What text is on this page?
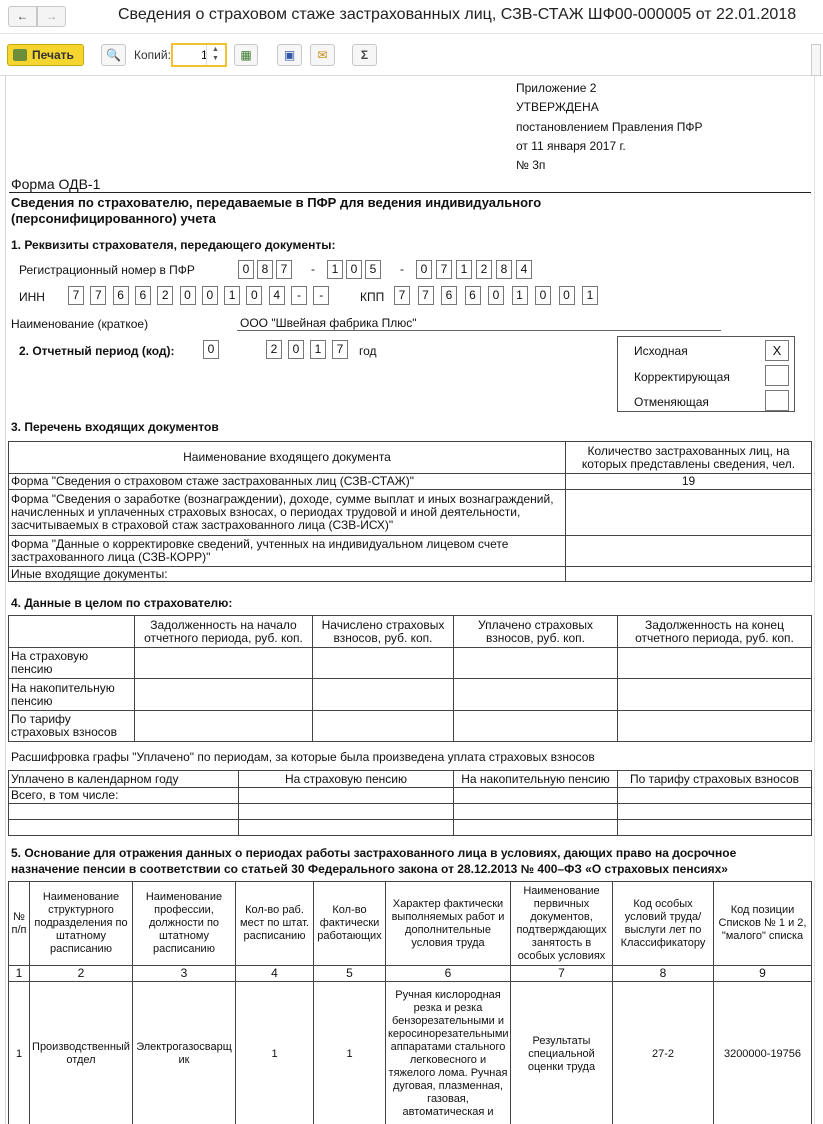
←	→	Сведения о страховом стаже застрахованных лиц, СЗВ-СТАЖ ШФ00-000005 от 22.01.2018
Печать	🔍	Копий:
1	▲
▼	▦	▣	✉	Σ
Приложение 2
УТВЕРЖДЕНА
постановлением Правления ПФР
от 11 января 2017 г.
№ 3п
Форма ОДВ-1
Сведения по страхователю, передаваемые в ПФР для ведения индивидуального
(персонифицированного) учета
1. Реквизиты страхователя, передающего документы:
Регистрационный номер в ПФР	0	8	7	-	1	0	5	-	0	7	1	2	8	4
ИНН	7	7	6	6	2	0	0	1	0	4	-	-	КПП	7	7	6	6	0	1	0	0	1
Наименование (краткое)	ООО "Швейная фабрика Плюс"
2. Отчетный период (код):	0	2	0	1	7	год	Исходная	X
Корректирующая
Отменяющая
3. Перечень входящих документов
Наименование входящего документа	Количество застрахованных лиц, на которых представлены сведения, чел.
Форма "Сведения о страховом стаже застрахованных лиц (СЗВ-СТАЖ)"	19
Форма "Сведения о заработке (вознаграждении), доходе, сумме выплат и иных вознаграждений, начисленных и уплаченных страховых взносах, о периодах трудовой и иной деятельности, засчитываемых в страховой стаж застрахованного лица (СЗВ-ИСХ)"	
Форма "Данные о корректировке сведений, учтенных на индивидуальном лицевом счете застрахованного лица (СЗВ-КОРР)"	
Иные входящие документы:	
4. Данные в целом по страхователю:
	Задолженность на начало отчетного периода, руб. коп.	Начислено страховых взносов, руб. коп.	Уплачено страховых взносов, руб. коп.	Задолженность на конец отчетного периода, руб. коп.
На страховую пенсию				
На накопительную пенсию				
По тарифу страховых взносов				
Расшифровка графы "Уплачено" по периодам, за которые была произведена уплата страховых взносов
Уплачено в календарном году	На страховую пенсию	На накопительную пенсию	По тарифу страховых взносов
Всего, в том числе:			

5. Основание для отражения данных о периодах работы застрахованного лица в условиях, дающих право на досрочное
назначение пенсии в соответствии со статьей 30 Федерального закона от 28.12.2013 № 400–ФЗ «О страховых пенсиях»
№ п/п	Наименование структурного подразделения по штатному расписанию	Наименование профессии, должности по штатному расписанию	Кол-во раб. мест по штат. расписанию	Кол-во фактически работающих	Характер фактически выполняемых работ и дополнительные условия труда	Наименование первичных документов, подтверждающих занятость в особых условиях	Код особых условий труда/выслуги лет по Классификатору	Код позиции Списков № 1 и 2, "малого" списка
1	2	3	4	5	6	7	8	9
1	Производственный отдел	Электрогазосварщ ик	1	1	Ручная кислородная резка и резка бензорезательными и керосинорезательными аппаратами стального легковесного и тяжелого лома. Ручная дуговая, плазменная, газовая, автоматическая и	Результаты специальной оценки труда	27-2	3200000-19756
